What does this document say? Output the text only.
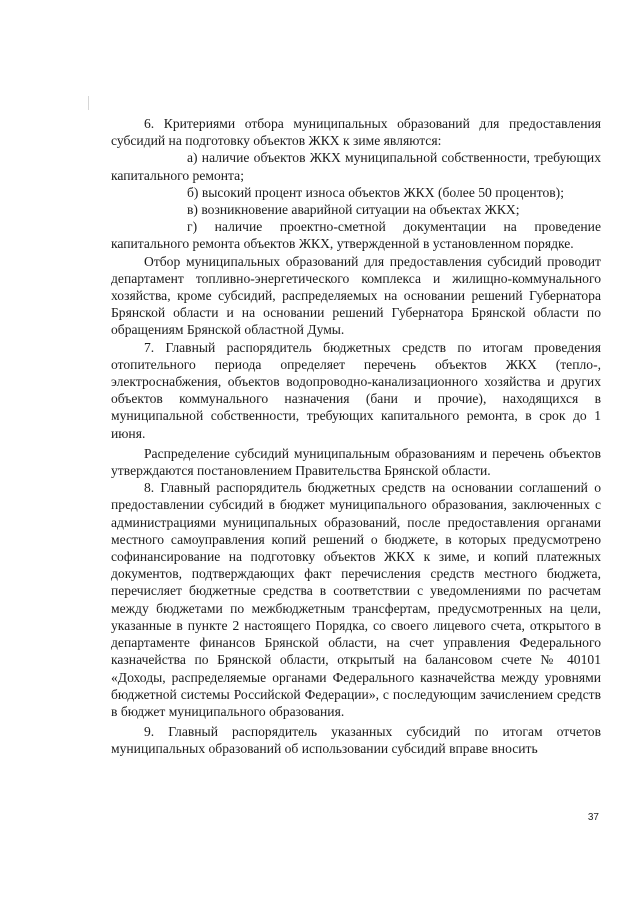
6. Критериями отбора муниципальных образований для предоставления субсидий на подготовку объектов ЖКХ к зиме являются:

а) наличие объектов ЖКХ муниципальной собственности, требующих капитального ремонта;

б) высокий процент износа объектов ЖКХ (более 50 процентов);

в) возникновение аварийной ситуации на объектах ЖКХ;

г) наличие проектно-сметной документации на проведение капитального ремонта объектов ЖКХ, утвержденной в установленном порядке.

Отбор муниципальных образований для предоставления субсидий проводит департамент топливно-энергетического комплекса и жилищно-коммунального хозяйства, кроме субсидий, распределяемых на основании решений Губернатора Брянской области и на основании решений Губернатора Брянской области по обращениям Брянской областной Думы.

7. Главный распорядитель бюджетных средств по итогам проведения отопительного периода определяет перечень объектов ЖКХ (тепло-, электроснабжения, объектов водопроводно-канализационного хозяйства и других объектов коммунального назначения (бани и прочие), находящихся в муниципальной собственности, требующих капитального ремонта, в срок до 1 июня.

Распределение субсидий муниципальным образованиям и перечень объектов утверждаются постановлением Правительства Брянской области.

8. Главный распорядитель бюджетных средств на основании соглашений о предоставлении субсидий в бюджет муниципального образования, заключенных с администрациями муниципальных образований, после предоставления органами местного самоуправления копий решений о бюджете, в которых предусмотрено софинансирование на подготовку объектов ЖКХ к зиме, и копий платежных документов, подтверждающих факт перечисления средств местного бюджета, перечисляет бюджетные средства в соответствии с уведомлениями по расчетам между бюджетами по межбюджетным трансфертам, предусмотренных на цели, указанные в пункте 2 настоящего Порядка, со своего лицевого счета, открытого в департаменте финансов Брянской области, на счет управления Федерального казначейства по Брянской области, открытый на балансовом счете № 40101 «Доходы, распределяемые органами Федерального казначейства между уровнями бюджетной системы Российской Федерации», с последующим зачислением средств в бюджет муниципального образования.

9. Главный распорядитель указанных субсидий по итогам отчетов муниципальных образований об использовании субсидий вправе вносить

37
